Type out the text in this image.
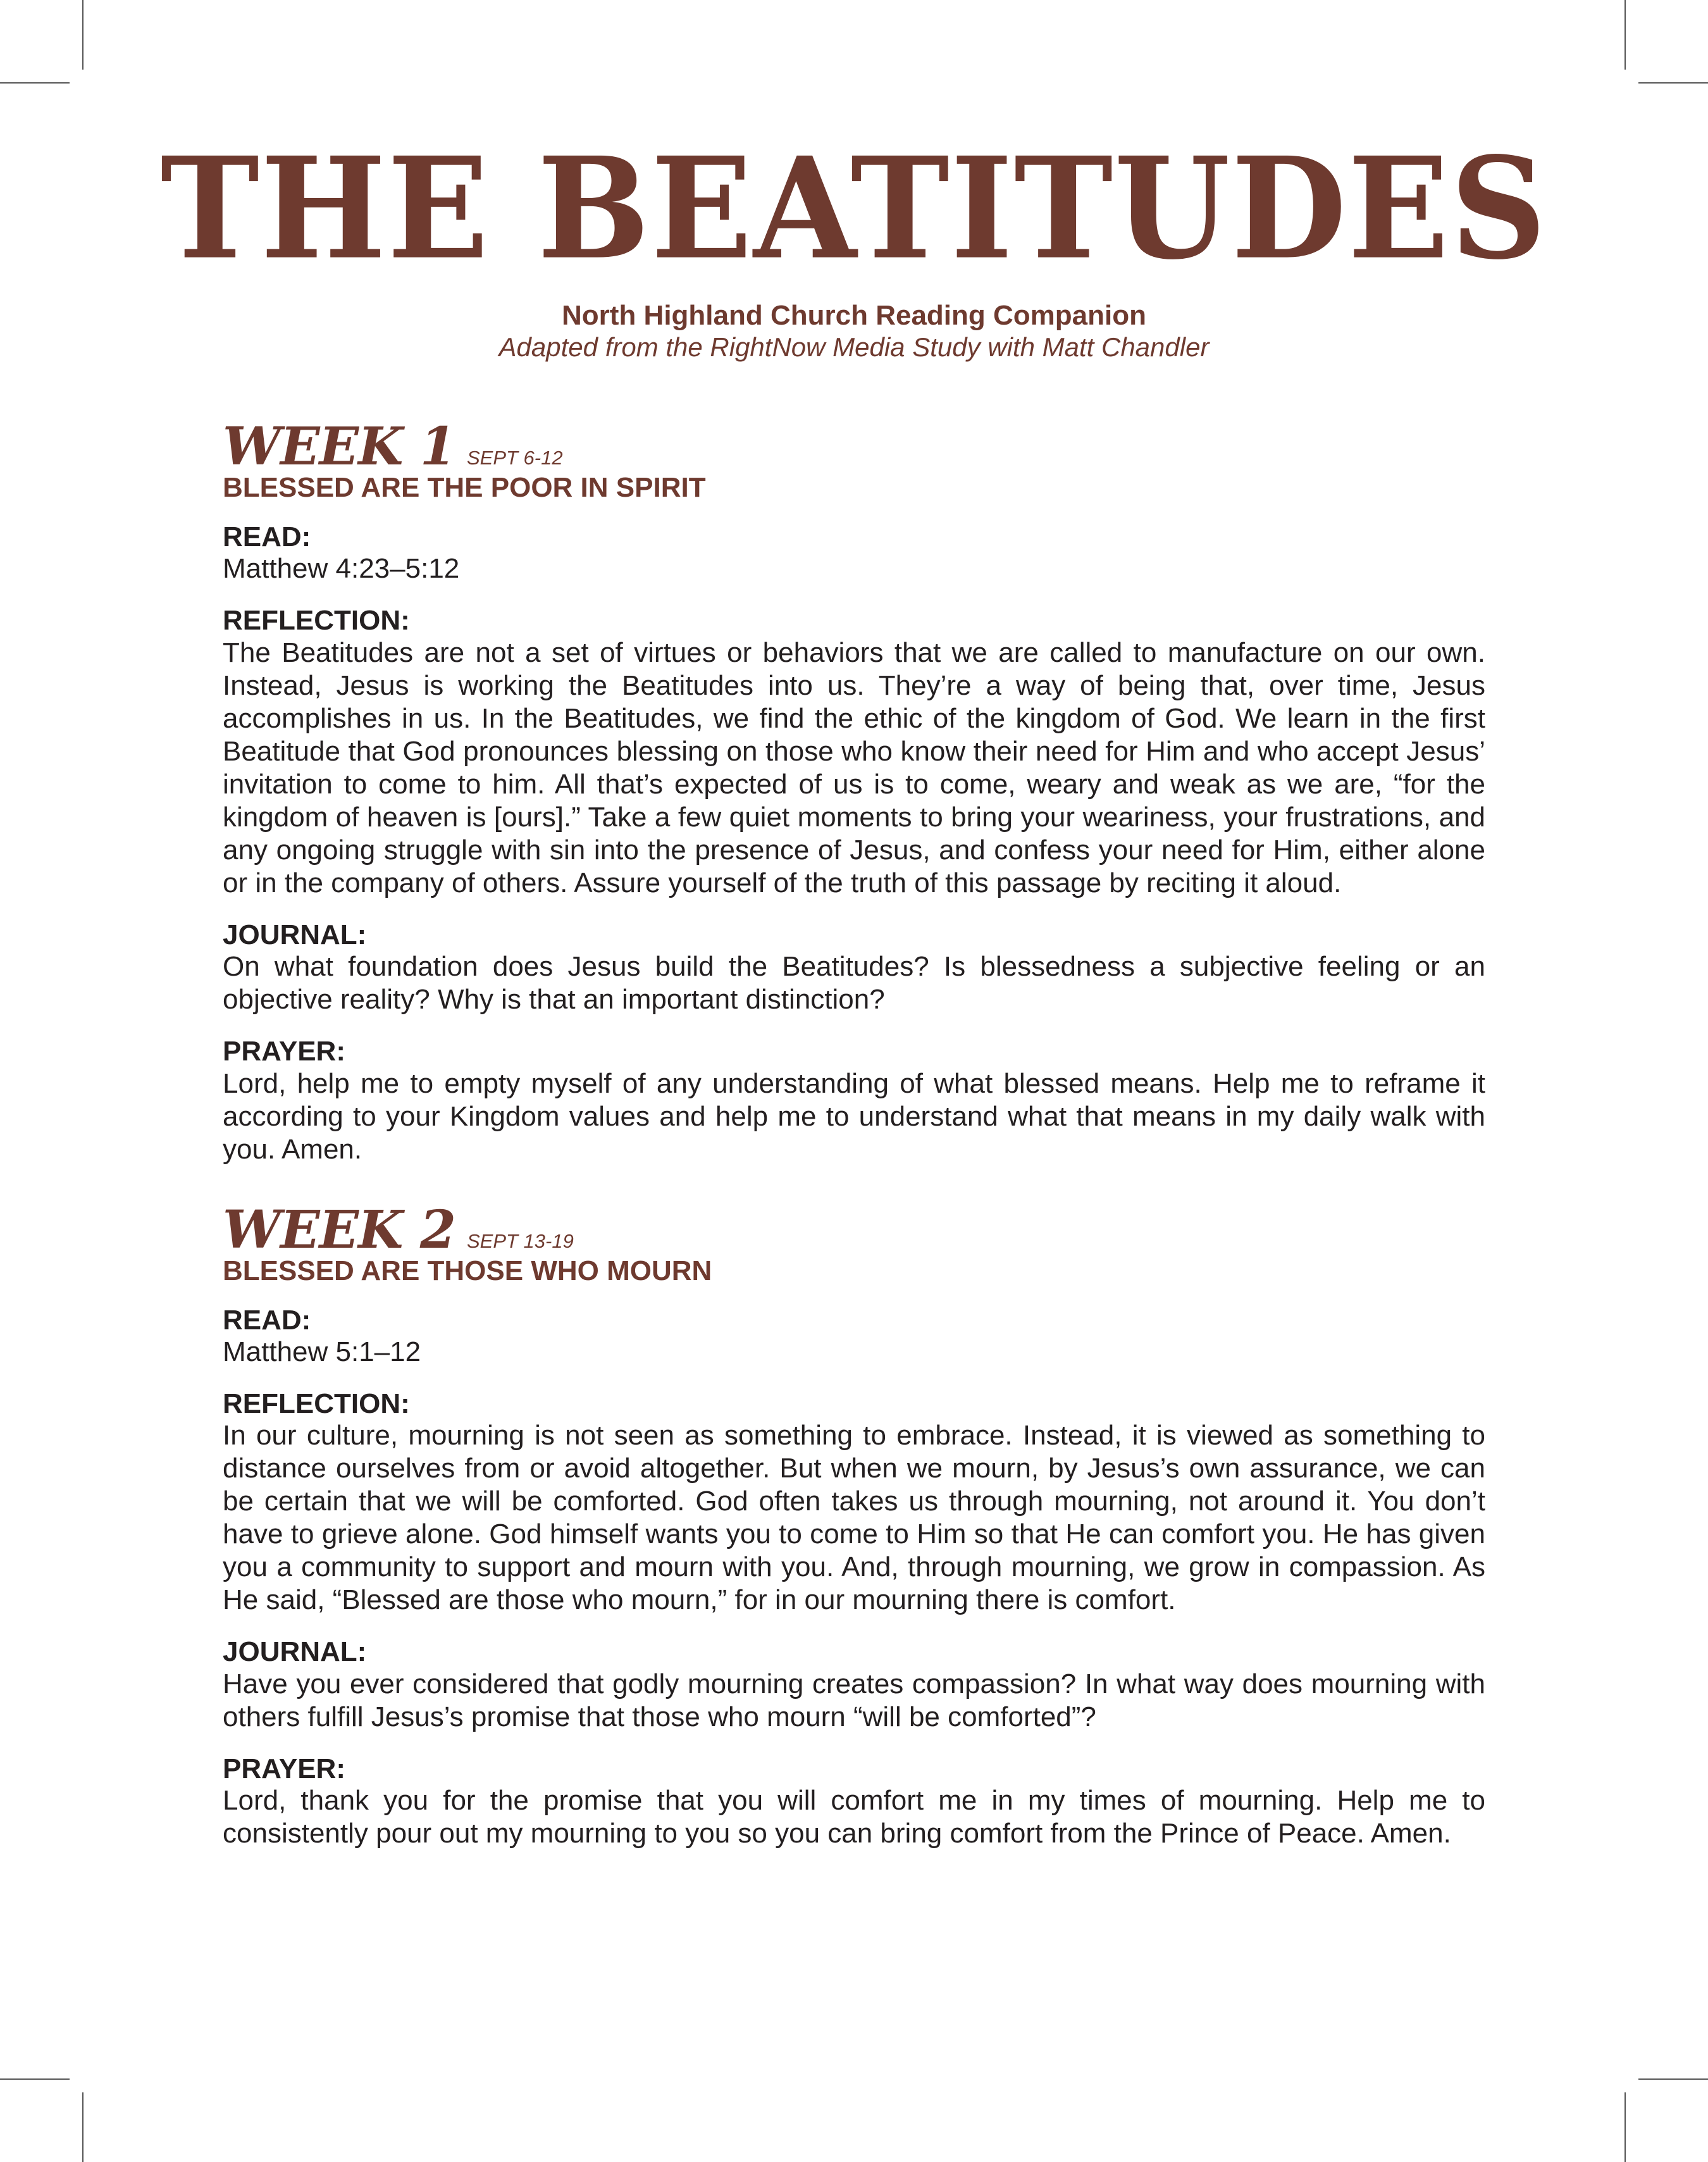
THE BEATITUDES
North Highland Church Reading Companion
Adapted from the RightNow Media Study with Matt Chandler
WEEK 1 SEPT 6-12
BLESSED ARE THE POOR IN SPIRIT
READ:
Matthew 4:23–5:12
REFLECTION:
The Beatitudes are not a set of virtues or behaviors that we are called to manufacture on our own. Instead, Jesus is working the Beatitudes into us. They’re a way of being that, over time, Jesus accomplishes in us. In the Beatitudes, we find the ethic of the kingdom of God. We learn in the first Beatitude that God pronounces blessing on those who know their need for Him and who accept Jesus’ invitation to come to him. All that’s expected of us is to come, weary and weak as we are, “for the kingdom of heaven is [ours].” Take a few quiet moments to bring your weariness, your frustrations, and any ongoing struggle with sin into the presence of Jesus, and confess your need for Him, either alone or in the company of others. Assure yourself of the truth of this passage by reciting it aloud.
JOURNAL:
On what foundation does Jesus build the Beatitudes? Is blessedness a subjective feeling or an objective reality? Why is that an important distinction?
PRAYER:
Lord, help me to empty myself of any understanding of what blessed means. Help me to reframe it according to your Kingdom values and help me to understand what that means in my daily walk with you. Amen.
WEEK 2 SEPT 13-19
BLESSED ARE THOSE WHO MOURN
READ:
Matthew 5:1–12
REFLECTION:
In our culture, mourning is not seen as something to embrace. Instead, it is viewed as something to distance ourselves from or avoid altogether. But when we mourn, by Jesus’s own assurance, we can be certain that we will be comforted. God often takes us through mourning, not around it. You don’t have to grieve alone. God himself wants you to come to Him so that He can comfort you. He has given you a community to support and mourn with you. And, through mourning, we grow in compassion. As He said, “Blessed are those who mourn,” for in our mourning there is comfort.
JOURNAL:
Have you ever considered that godly mourning creates compassion? In what way does mourning with others fulfill Jesus’s promise that those who mourn “will be comforted”?
PRAYER:
Lord, thank you for the promise that you will comfort me in my times of mourning. Help me to consistently pour out my mourning to you so you can bring comfort from the Prince of Peace. Amen.
